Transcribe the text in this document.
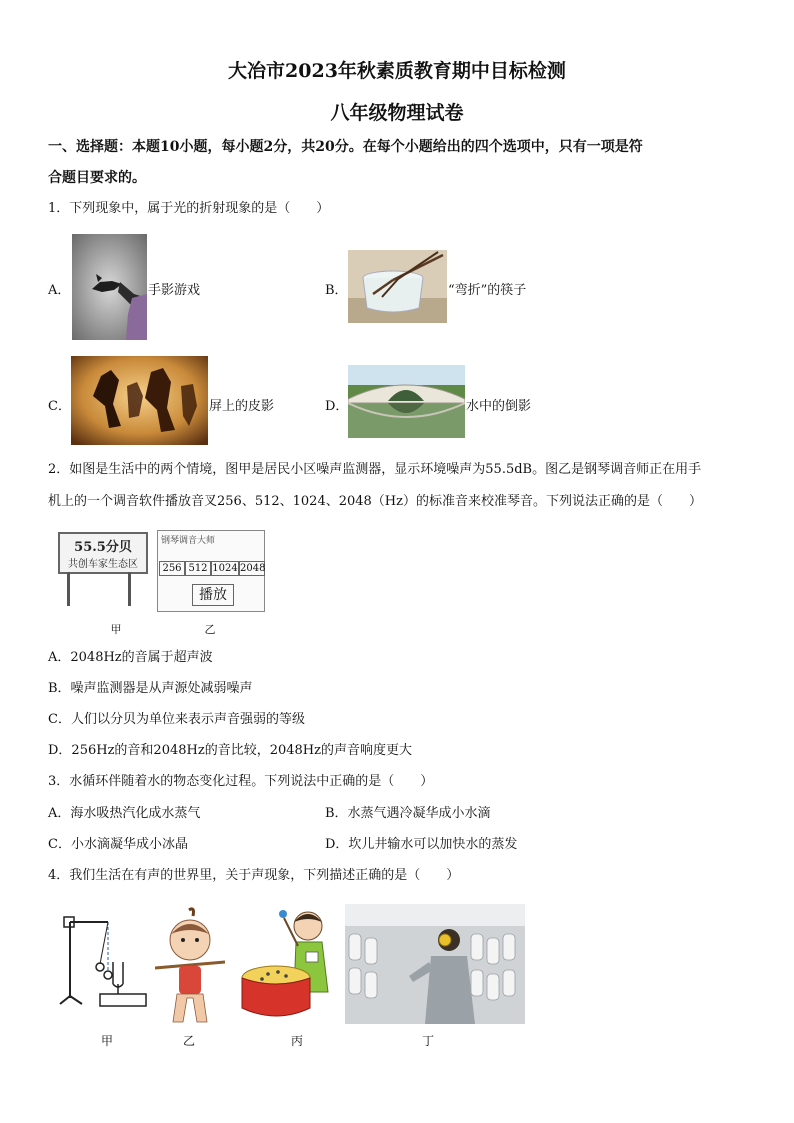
大冶市2023年秋素质教育期中目标检测
八年级物理试卷
一、选择题：本题10小题，每小题2分，共20分。在每个小题给出的四个选项中，只有一项是符
合题目要求的。
1．下列现象中，属于光的折射现象的是（　　）
A．	手影游戏	B．	“弯折”的筷子
C．	屏上的皮影	D．	水中的倒影
2．如图是生活中的两个情境，图甲是居民小区噪声监测器，显示环境噪声为55.5dB。图乙是钢琴调音师正在用手
机上的一个调音软件播放音叉256、512、1024、2048（Hz）的标准音来校准琴音。下列说法正确的是（　　）
55.5分贝
共创车家生态区
钢琴调音大师
256 512 1024 2048
播放
甲	乙
A．2048Hz的音属于超声波
B．噪声监测器是从声源处减弱噪声
C．人们以分贝为单位来表示声音强弱的等级
D．256Hz的音和2048Hz的音比较，2048Hz的声音响度更大
3．水循环伴随着水的物态变化过程。下列说法中正确的是（　　）
A．海水吸热汽化成水蒸气	B．水蒸气遇冷凝华成小水滴
C．小水滴凝华成小冰晶	D．坎儿井输水可以加快水的蒸发
4．我们生活在有声的世界里，关于声现象，下列描述正确的是（　　）
甲	乙	丙	丁
